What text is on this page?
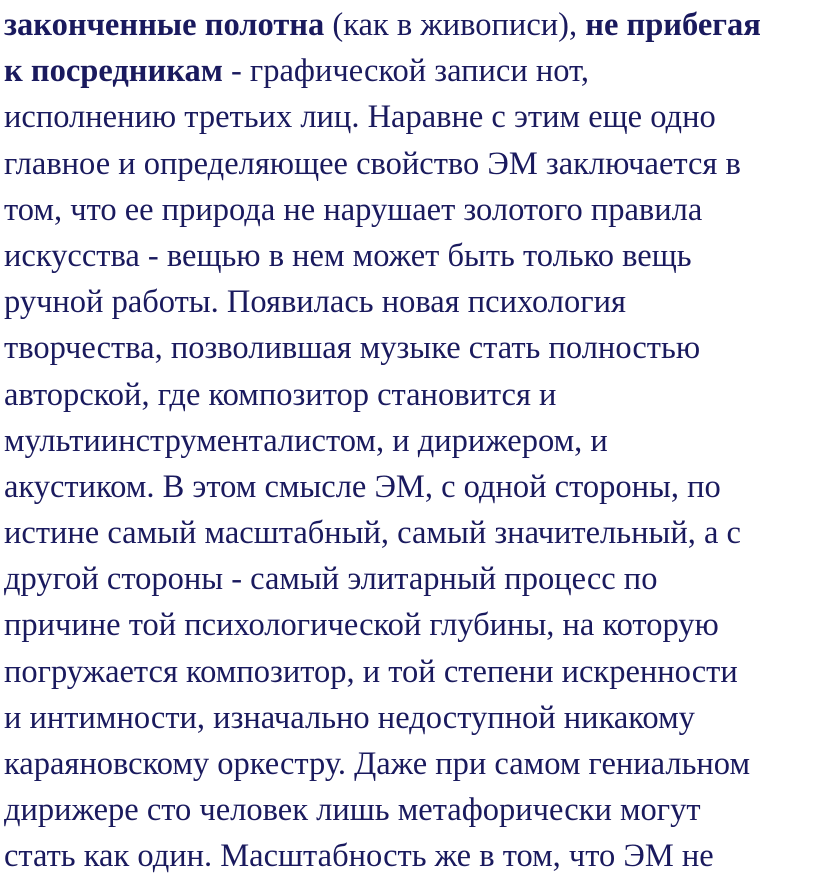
законченные полотна (как в живописи), не прибегая
к посредникам - графической записи нот,
исполнению третьих лиц. Наравне с этим еще одно
главное и определяющее свойство ЭМ заключается в
том, что ее природа не нарушает золотого правила
искусства - вещью в нем может быть только вещь
ручной работы. Появилась новая психология
творчества, позволившая музыке стать полностью
авторской, где композитор становится и
мультиинструменталистом, и дирижером, и
акустиком. В этом смысле ЭМ, с одной стороны, по
истине самый масштабный, самый значительный, а с
другой стороны - самый элитарный процесс по
причине той психологической глубины, на которую
погружается композитор, и той степени искренности
и интимности, изначально недоступной никакому
караяновскому оркестру. Даже при самом гениальном
дирижере сто человек лишь метафорически могут
стать как один. Масштабность же в том, что ЭМ не
